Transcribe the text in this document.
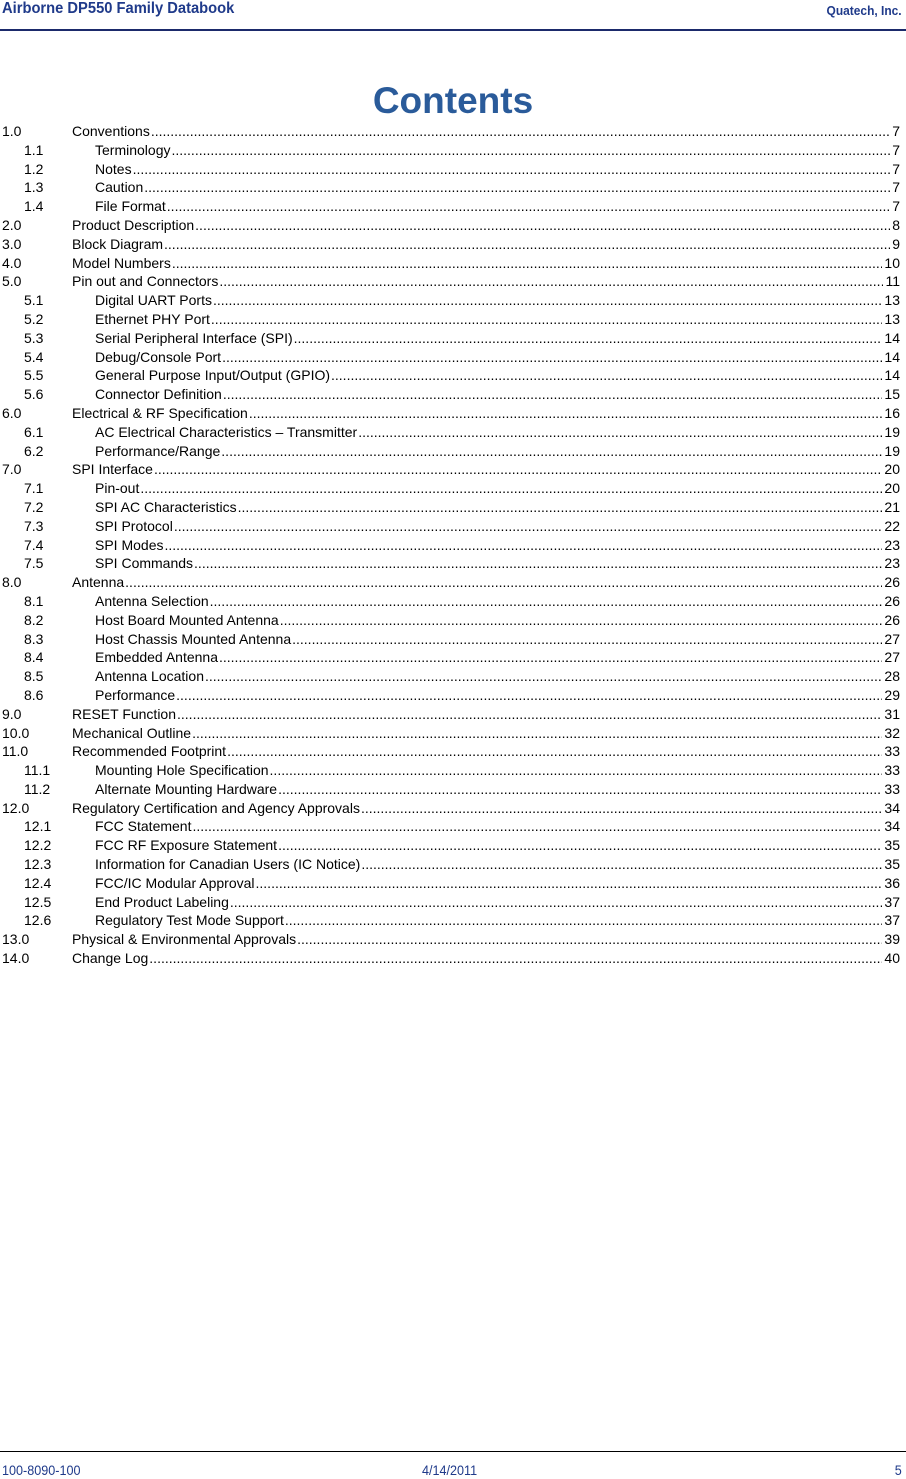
Airborne DP550 Family Databook	Quatech, Inc.
Contents
1.0	Conventions .....	7
1.1	Terminology .....	7
1.2	Notes .....	7
1.3	Caution .....	7
1.4	File Format .....	7
2.0	Product Description .....	8
3.0	Block Diagram .....	9
4.0	Model Numbers .....	10
5.0	Pin out and Connectors .....	11
5.1	Digital UART Ports .....	13
5.2	Ethernet PHY Port .....	13
5.3	Serial Peripheral Interface (SPI) .....	14
5.4	Debug/Console Port .....	14
5.5	General Purpose Input/Output (GPIO) .....	14
5.6	Connector Definition .....	15
6.0	Electrical & RF Specification .....	16
6.1	AC Electrical Characteristics – Transmitter .....	19
6.2	Performance/Range .....	19
7.0	SPI Interface .....	20
7.1	Pin-out .....	20
7.2	SPI AC Characteristics .....	21
7.3	SPI Protocol .....	22
7.4	SPI Modes .....	23
7.5	SPI Commands .....	23
8.0	Antenna .....	26
8.1	Antenna Selection .....	26
8.2	Host Board Mounted Antenna .....	26
8.3	Host Chassis Mounted Antenna .....	27
8.4	Embedded Antenna .....	27
8.5	Antenna Location .....	28
8.6	Performance .....	29
9.0	RESET Function .....	31
10.0	Mechanical Outline .....	32
11.0	Recommended Footprint .....	33
11.1	Mounting Hole Specification .....	33
11.2	Alternate Mounting Hardware .....	33
12.0	Regulatory Certification and Agency Approvals .....	34
12.1	FCC Statement .....	34
12.2	FCC RF Exposure Statement .....	35
12.3	Information for Canadian Users (IC Notice) .....	35
12.4	FCC/IC Modular Approval .....	36
12.5	End Product Labeling .....	37
12.6	Regulatory Test Mode Support .....	37
13.0	Physical & Environmental Approvals .....	39
14.0	Change Log .....	40
100-8090-100	4/14/2011	5
